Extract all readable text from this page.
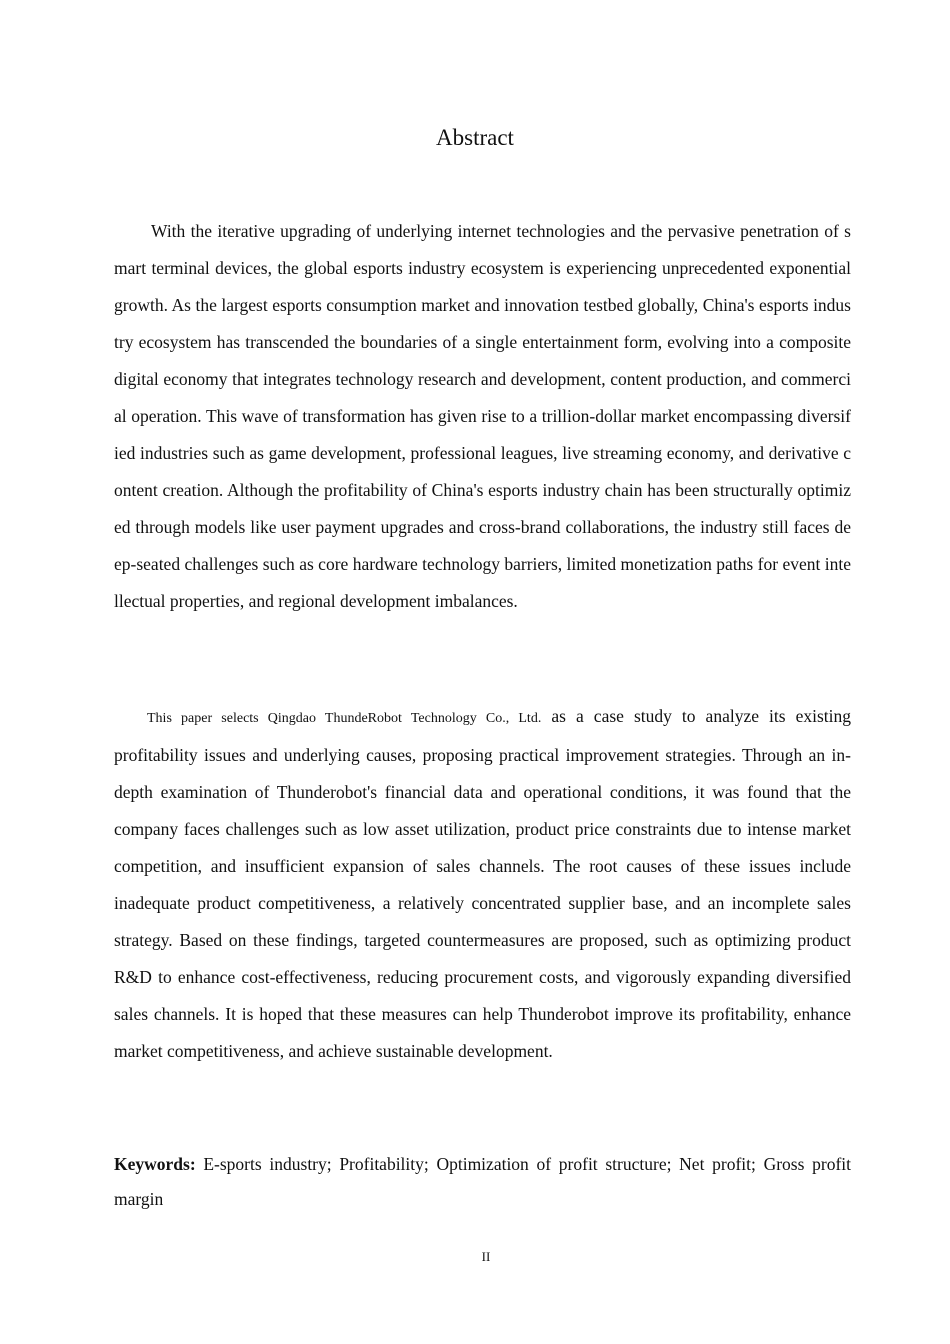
Abstract

With the iterative upgrading of underlying internet technologies and the pervasive penetration of smart terminal devices, the global esports industry ecosystem is experiencing unprecedented exponential growth. As the largest esports consumption market and innovation testbed globally, China's esports industry ecosystem has transcended the boundaries of a single entertainment form, evolving into a composite digital economy that integrates technology research and development, content production, and commercial operation. This wave of transformation has given rise to a trillion-dollar market encompassing diversified industries such as game development, professional leagues, live streaming economy, and derivative content creation. Although the profitability of China's esports industry chain has been structurally optimized through models like user payment upgrades and cross-brand collaborations, the industry still faces deep-seated challenges such as core hardware technology barriers, limited monetization paths for event intellectual properties, and regional development imbalances.

This paper selects Qingdao ThundeRobot Technology Co., Ltd. as a case study to analyze its existing profitability issues and underlying causes, proposing practical improvement strategies. Through an in-depth examination of Thunderobot's financial data and operational conditions, it was found that the company faces challenges such as low asset utilization, product price constraints due to intense market competition, and insufficient expansion of sales channels. The root causes of these issues include inadequate product competitiveness, a relatively concentrated supplier base, and an incomplete sales strategy. Based on these findings, targeted countermeasures are proposed, such as optimizing product R&D to enhance cost-effectiveness, reducing procurement costs, and vigorously expanding diversified sales channels. It is hoped that these measures can help Thunderobot improve its profitability, enhance market competitiveness, and achieve sustainable development.

Keywords: E-sports industry; Profitability; Optimization of profit structure; Net profit; Gross profit margin

II
